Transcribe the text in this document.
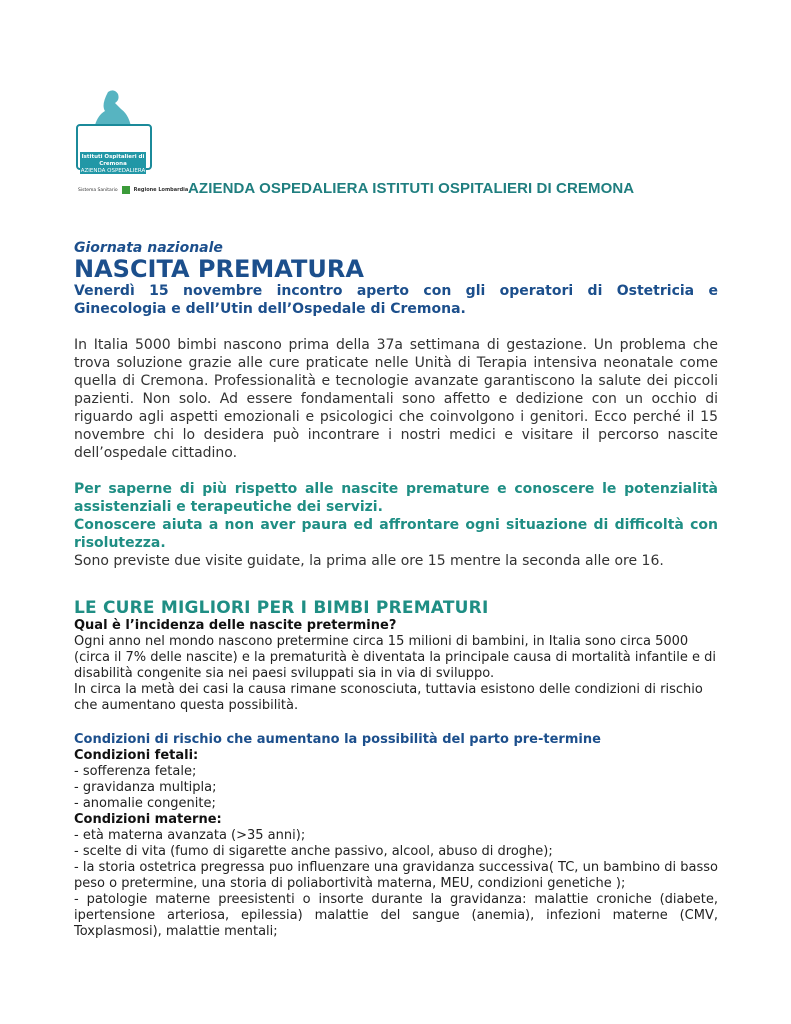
Istituti Ospitalieri di Cremona
AZIENDA OSPEDALIERA
Sistema Sanitario	Regione Lombardia AZIENDA OSPEDALIERA ISTITUTI OSPITALIERI DI CREMONA

Giornata nazionale

NASCITA PREMATURA

Venerdì 15 novembre incontro aperto con gli operatori di Ostetricia e Ginecologia e dell’Utin dell’Ospedale di Cremona.

In Italia 5000 bimbi nascono prima della 37a settimana di gestazione. Un problema che trova soluzione grazie alle cure praticate nelle Unità di Terapia intensiva neonatale come quella di Cremona. Professionalità e tecnologie avanzate garantiscono la salute dei piccoli pazienti. Non solo. Ad essere fondamentali sono affetto e dedizione con un occhio di riguardo agli aspetti emozionali e psicologici che coinvolgono i genitori. Ecco perché il 15 novembre chi lo desidera può incontrare i nostri medici e visitare il percorso nascite dell’ospedale cittadino.

Per saperne di più rispetto alle nascite premature e conoscere le potenzialità assistenziali e terapeutiche dei servizi.

Conoscere aiuta a non aver paura ed affrontare ogni situazione di difficoltà con risolutezza.

Sono previste due visite guidate, la prima alle ore 15 mentre la seconda alle ore 16.

LE CURE MIGLIORI PER I BIMBI PREMATURI

Qual è l’incidenza delle nascite pretermine?

Ogni anno nel mondo nascono pretermine circa 15 milioni di bambini, in Italia sono circa 5000 (circa il 7% delle nascite) e la prematurità è diventata la principale causa di mortalità infantile e di disabilità congenite sia nei paesi sviluppati sia in via di sviluppo.

In circa la metà dei casi la causa rimane sconosciuta, tuttavia esistono delle condizioni di rischio che aumentano questa possibilità.

Condizioni di rischio che aumentano la possibilità del parto pre-termine

Condizioni fetali:

- sofferenza fetale;

- gravidanza multipla;

- anomalie congenite;

Condizioni materne:

- età materna avanzata (>35 anni);

- scelte di vita (fumo di sigarette anche passivo, alcool, abuso di droghe);

- la storia ostetrica pregressa puo influenzare una gravidanza successiva( TC, un bambino di basso peso o pretermine, una storia di poliabortività materna, MEU, condizioni genetiche );

- patologie materne preesistenti o insorte durante la gravidanza: malattie croniche (diabete, ipertensione arteriosa, epilessia) malattie del sangue (anemia), infezioni materne (CMV, Toxplasmosi), malattie mentali;
